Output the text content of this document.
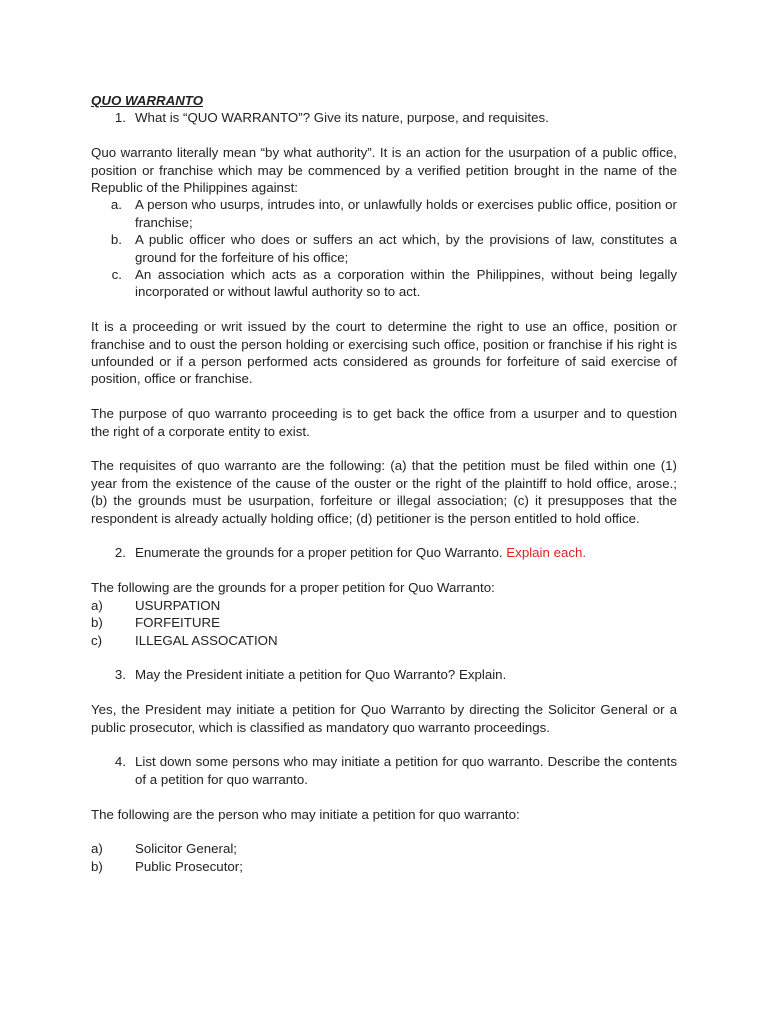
QUO WARRANTO

1. What is “QUO WARRANTO”? Give its nature, purpose, and requisites.

Quo warranto literally mean “by what authority”. It is an action for the usurpation of a public office, position or franchise which may be commenced by a verified petition brought in the name of the Republic of the Philippines against:

a. A person who usurps, intrudes into, or unlawfully holds or exercises public office, position or franchise;
b. A public officer who does or suffers an act which, by the provisions of law, constitutes a ground for the forfeiture of his office;
c. An association which acts as a corporation within the Philippines, without being legally incorporated or without lawful authority so to act.

It is a proceeding or writ issued by the court to determine the right to use an office, position or franchise and to oust the person holding or exercising such office, position or franchise if his right is unfounded or if a person performed acts considered as grounds for forfeiture of said exercise of position, office or franchise.

The purpose of quo warranto proceeding is to get back the office from a usurper and to question the right of a corporate entity to exist.

The requisites of quo warranto are the following: (a) that the petition must be filed within one (1) year from the existence of the cause of the ouster or the right of the plaintiff to hold office, arose.; (b) the grounds must be usurpation, forfeiture or illegal association; (c) it presupposes that the respondent is already actually holding office; (d) petitioner is the person entitled to hold office.

2. Enumerate the grounds for a proper petition for Quo Warranto. Explain each.

The following are the grounds for a proper petition for Quo Warranto:

a)	USURPATION
b)	FORFEITURE
c)	ILLEGAL ASSOCATION
3. May the President initiate a petition for Quo Warranto? Explain.

Yes, the President may initiate a petition for Quo Warranto by directing the Solicitor General or a public prosecutor, which is classified as mandatory quo warranto proceedings.

4. List down some persons who may initiate a petition for quo warranto. Describe the contents of a petition for quo warranto.

The following are the person who may initiate a petition for quo warranto:

a)	Solicitor General;
b)	Public Prosecutor;
